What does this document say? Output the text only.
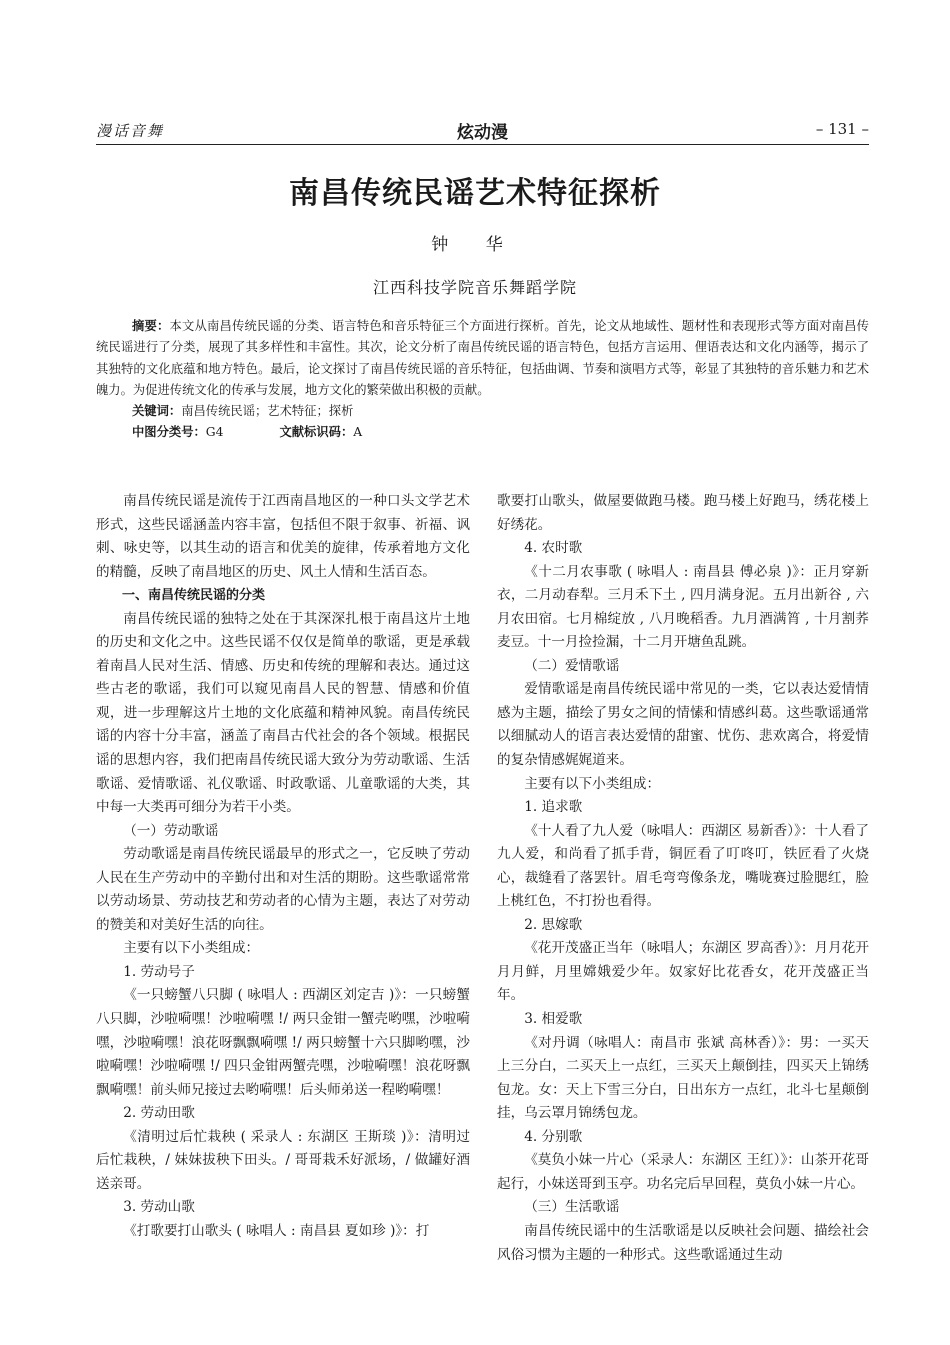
漫话音舞	炫动漫	– 131 –
南昌传统民谣艺术特征探析
钟 华
江西科技学院音乐舞蹈学院

摘要：本文从南昌传统民谣的分类、语言特色和音乐特征三个方面进行探析。首先，论文从地域性、题材性和表现形式等方面对南昌传统民谣进行了分类，展现了其多样性和丰富性。其次，论文分析了南昌传统民谣的语言特色，包括方言运用、俚语表达和文化内涵等，揭示了其独特的文化底蕴和地方特色。最后，论文探讨了南昌传统民谣的音乐特征，包括曲调、节奏和演唱方式等，彰显了其独特的音乐魅力和艺术魄力。为促进传统文化的传承与发展，地方文化的繁荣做出积极的贡献。

关键词：南昌传统民谣；艺术特征；探析

中图分类号：G4	文献标识码：A

南昌传统民谣是流传于江西南昌地区的一种口头文学艺术形式，这些民谣涵盖内容丰富，包括但不限于叙事、祈福、讽刺、咏史等，以其生动的语言和优美的旋律，传承着地方文化的精髓，反映了南昌地区的历史、风土人情和生活百态。

一、南昌传统民谣的分类

南昌传统民谣的独特之处在于其深深扎根于南昌这片土地的历史和文化之中。这些民谣不仅仅是简单的歌谣，更是承载着南昌人民对生活、情感、历史和传统的理解和表达。通过这些古老的歌谣，我们可以窥见南昌人民的智慧、情感和价值观，进一步理解这片土地的文化底蕴和精神风貌。南昌传统民谣的内容十分丰富，涵盖了南昌古代社会的各个领域。根据民谣的思想内容，我们把南昌传统民谣大致分为劳动歌谣、生活歌谣、爱情歌谣、礼仪歌谣、时政歌谣、儿童歌谣的大类，其中每一大类再可细分为若干小类。

（一）劳动歌谣

劳动歌谣是南昌传统民谣最早的形式之一，它反映了劳动人民在生产劳动中的辛勤付出和对生活的期盼。这些歌谣常常以劳动场景、劳动技艺和劳动者的心情为主题，表达了对劳动的赞美和对美好生活的向往。

主要有以下小类组成：

1. 劳动号子

《一只螃蟹八只脚 ( 咏唱人 : 西湖区刘定吉 )》：一只螃蟹八只脚，沙啦嗬嘿！沙啦嗬嘿 !/ 两只金钳一蟹壳哟嘿，沙啦嗬嘿，沙啦嗬嘿！浪花呀飘飘嗬嘿 !/ 两只螃蟹十六只脚哟嘿，沙啦嗬嘿！沙啦嗬嘿 !/ 四只金钳两蟹壳嘿，沙啦嗬嘿！浪花呀飘飘嗬嘿！前头师兄接过去哟嗬嘿！后头师弟送一程哟嗬嘿！

2. 劳动田歌

《清明过后忙栽秧 ( 采录人 : 东湖区 王斯琰 )》：清明过后忙栽秧，/ 妹妹拔秧下田头。/ 哥哥栽禾好派场，/ 做罐好酒送亲哥。

3. 劳动山歌

《打歌要打山歌头 ( 咏唱人 : 南昌县 夏如珍 )》：打

歌要打山歌头，做屋要做跑马楼。跑马楼上好跑马，绣花楼上好绣花。

4. 农时歌

《十二月农事歌 ( 咏唱人 : 南昌县 傅必泉 )》：正月穿新衣，二月动春犁。三月禾下土 , 四月满身泥。五月出新谷 , 六月农田宿。七月棉绽放 , 八月晚稻香。九月酒满筲 , 十月割荞麦豆。十一月捡捡漏，十二月开塘鱼乱跳。

（二）爱情歌谣

爱情歌谣是南昌传统民谣中常见的一类，它以表达爱情情感为主题，描绘了男女之间的情愫和情感纠葛。这些歌谣通常以细腻动人的语言表达爱情的甜蜜、忧伤、悲欢离合，将爱情的复杂情感娓娓道来。

主要有以下小类组成：

1. 追求歌

《十人看了九人爱（咏唱人：西湖区 易新香）》：十人看了九人爱，和尚看了抓手背，铜匠看了叮咚叮，铁匠看了火烧心，裁缝看了落罢针。眉毛弯弯像条龙，嘴咙赛过脸腮红，脸上桃红色，不打扮也看得。

2. 思嫁歌

《花开茂盛正当年（咏唱人；东湖区 罗高香）》：月月花开月月鲜，月里嫦娥爱少年。奴家好比花香女，花开茂盛正当年。

3. 相爱歌

《对丹调（咏唱人：南昌市 张斌 高林香）》：男：一买天上三分白，二买天上一点红，三买天上颠倒挂，四买天上锦绣包龙。女：天上下雪三分白，日出东方一点红，北斗七星颠倒挂，乌云罩月锦绣包龙。

4. 分别歌

《莫负小妹一片心（采录人：东湖区 王红）》：山茶开花哥起行，小妹送哥到玉亭。功名完后早回程，莫负小妹一片心。

（三）生活歌谣

南昌传统民谣中的生活歌谣是以反映社会问题、描绘社会风俗习惯为主题的一种形式。这些歌谣通过生动
